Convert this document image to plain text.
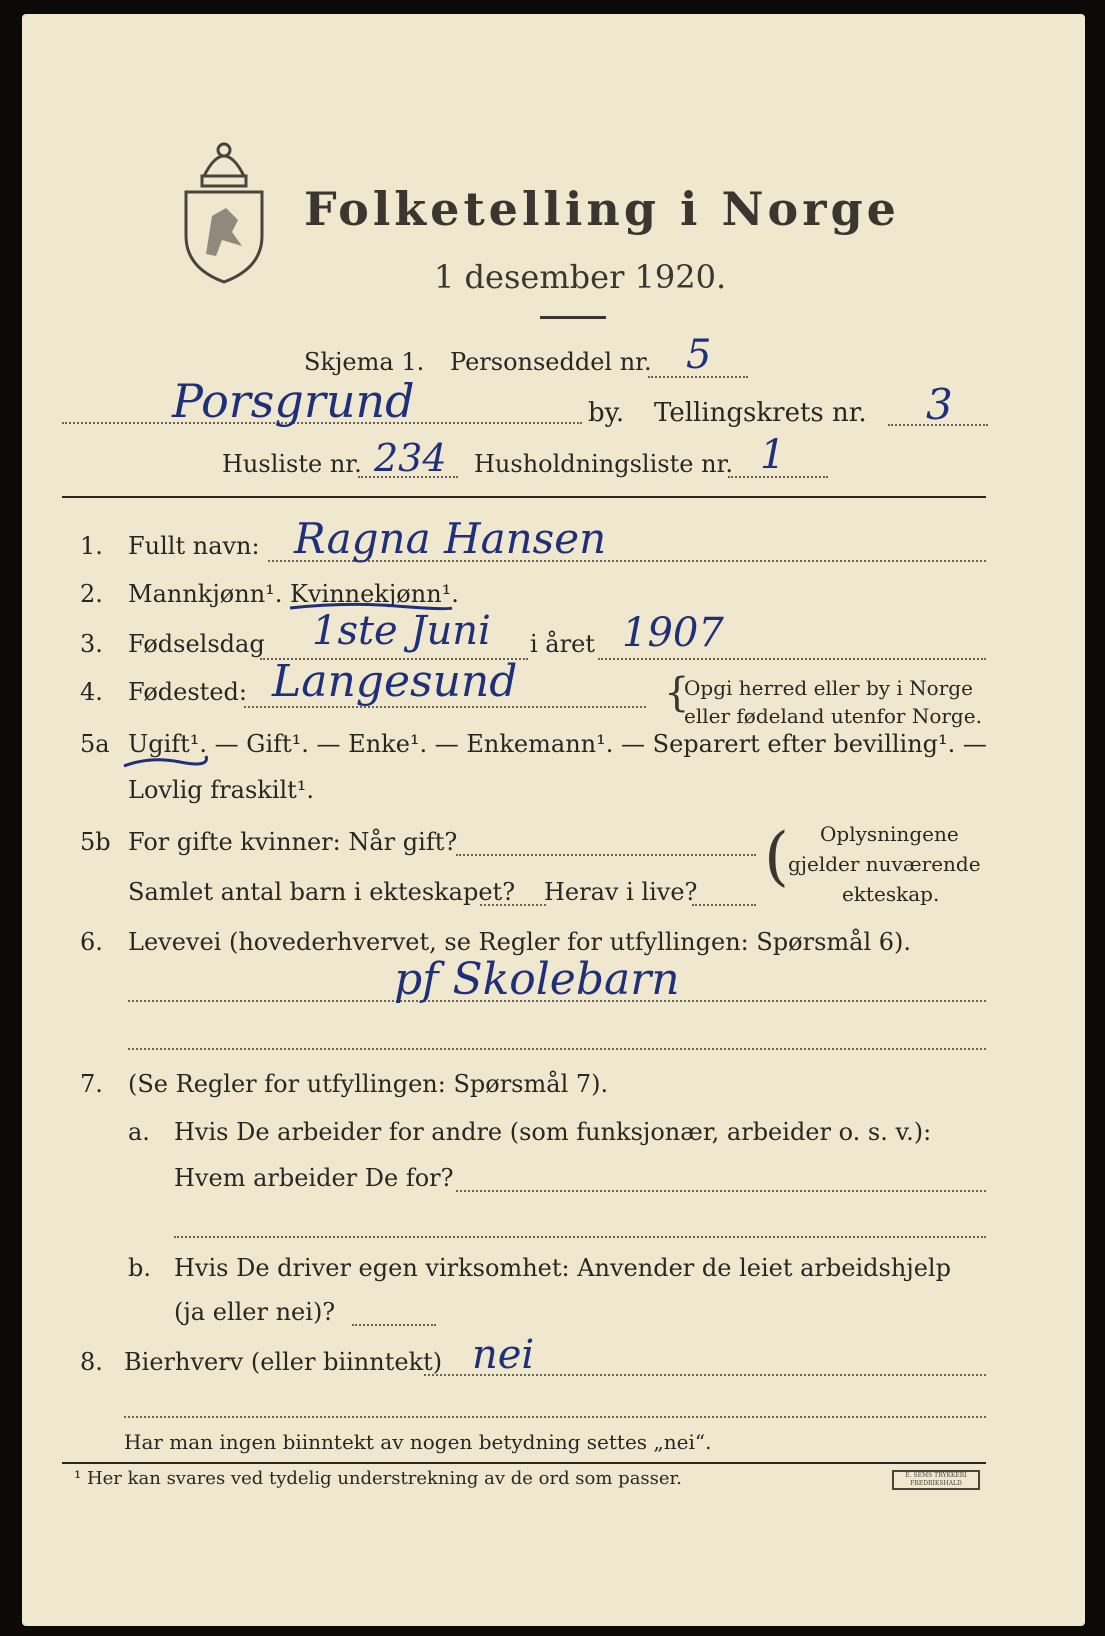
Folketelling i Norge
1 desember 1920.
Skjema 1. Personseddel nr. 5
Porsgrund	by. Tellingskrets nr. 3
Husliste nr. 234 Husholdningsliste nr. 1
1. Fullt navn: Ragna Hansen
2. Mannkjønn¹. Kvinnekjønn¹.
3. Fødselsdag 1ste Juni i året 1907
4. Fødested: Langesund	{
Opgi herred eller by i Norge
eller fødeland utenfor Norge.
5a Ugift¹. — Gift¹. — Enke¹. — Enkemann¹. — Separert efter bevilling¹. —
Lovlig fraskilt¹.
5b For gifte kvinner: Når gift?
Samlet antal barn i ekteskapet? Herav i live? ( Oplysningene
gjelder nuværende
ekteskap.
6. Levevei (hovederhvervet, se Regler for utfyllingen: Spørsmål 6).
pf Skolebarn
7. (Se Regler for utfyllingen: Spørsmål 7).
a. Hvis De arbeider for andre (som funksjonær, arbeider o. s. v.):
Hvem arbeider De for?
b. Hvis De driver egen virksomhet: Anvender de leiet arbeidshjelp
(ja eller nei)?
8. Bierhverv (eller biinntekt) nei
Har man ingen biinntekt av nogen betydning settes „nei“.
¹ Her kan svares ved tydelig understrekning av de ord som passer.	E. SEMS TRYKKERI FREDRIKSHALD
